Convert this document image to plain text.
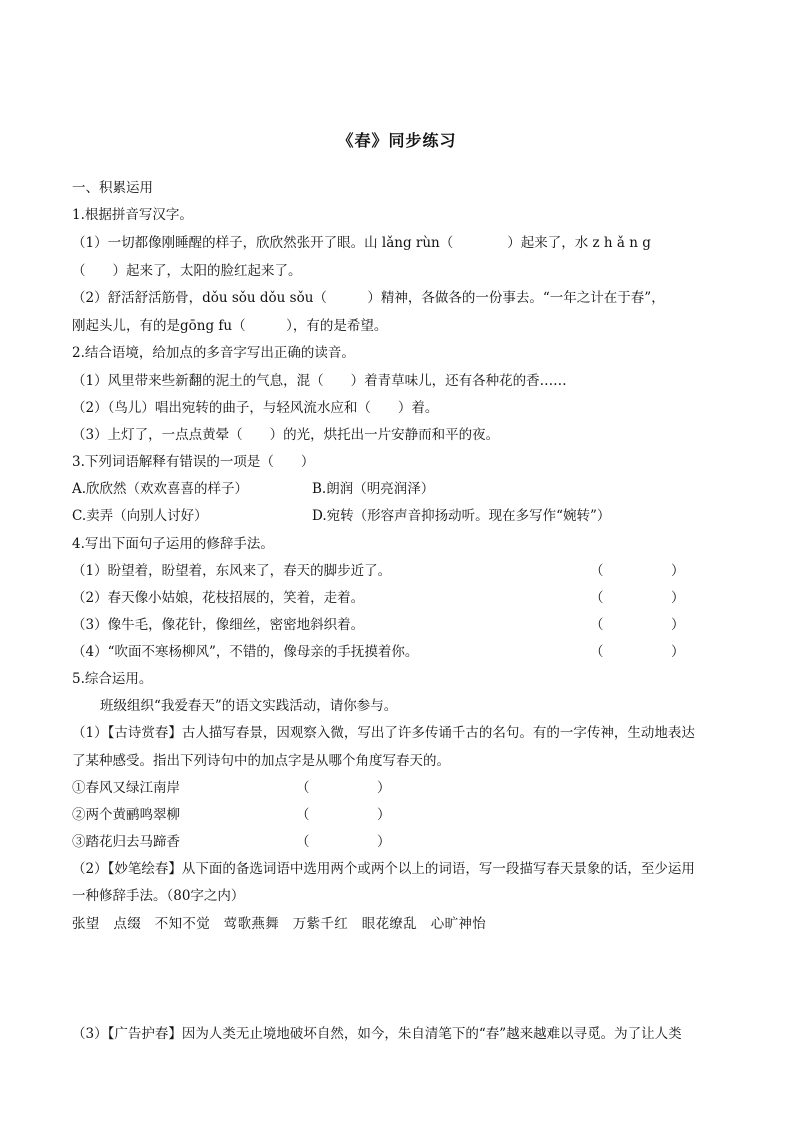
《春》同步练习
一、积累运用
1.根据拼音写汉字。
（1）一切都像刚睡醒的样子，欣欣然张开了眼。山 lǎng rùn（　　　　）起来了，水 z h ǎ n g
（　　）起来了，太阳的脸红起来了。
（2）舒活舒活筋骨，dǒu sǒu dǒu sǒu（　　　）精神，各做各的一份事去。“一年之计在于春”，
刚起头儿，有的是gōng fu（　　　），有的是希望。
2.结合语境，给加点的多音字写出正确的读音。
（1）风里带来些新翻的泥土的气息，混（　　）着青草味儿，还有各种花的香……
（2）（鸟儿）唱出宛转的曲子，与轻风流水应和（　　）着。
（3）上灯了，一点点黄晕（　　）的光，烘托出一片安静而和平的夜。
3.下列词语解释有错误的一项是（　　）
A.欣欣然（欢欢喜喜的样子）	B.朗润（明亮润泽）
C.卖弄（向别人讨好）	D.宛转（形容声音抑扬动听。现在多写作“婉转”）
4.写出下面句子运用的修辞手法。
（1）盼望着，盼望着，东风来了，春天的脚步近了。	（　　　　　）
（2）春天像小姑娘，花枝招展的，笑着，走着。	（　　　　　）
（3）像牛毛，像花针，像细丝，密密地斜织着。	（　　　　　）
（4）“吹面不寒杨柳风”，不错的，像母亲的手抚摸着你。	（　　　　　）
5.综合运用。
班级组织“我爱春天”的语文实践活动，请你参与。
（1）【古诗赏春】古人描写春景，因观察入微，写出了许多传诵千古的名句。有的一字传神，生动地表达
了某种感受。指出下列诗句中的加点字是从哪个角度写春天的。
①春风又绿江南岸	（　　　　　）
②两个黄鹂鸣翠柳	（　　　　　）
③踏花归去马蹄香	（　　　　　）
（2）【妙笔绘春】从下面的备选词语中选用两个或两个以上的词语，写一段描写春天景象的话，至少运用
一种修辞手法。（80字之内）
张望　点缀　不知不觉　莺歌燕舞　万紫千红　眼花缭乱　心旷神怡
（3）【广告护春】因为人类无止境地破坏自然，如今，朱自清笔下的“春”越来越难以寻觅。为了让人类
